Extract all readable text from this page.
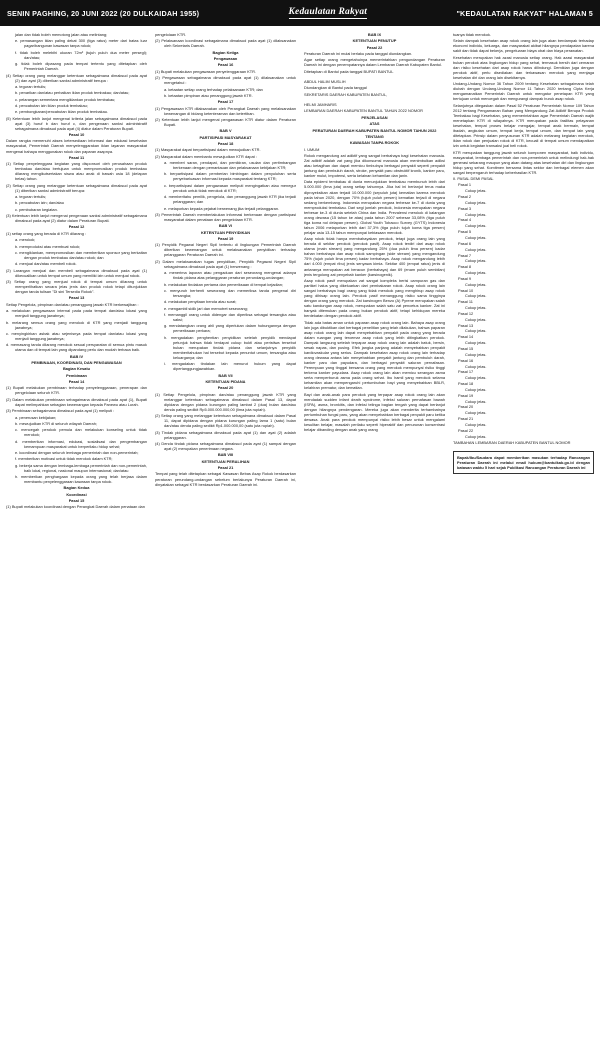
SENIN PAGHING, 20 JUNI 2022 (20 DULKAIDAH 1955)	Kedaulatan Rakyat	"KEDAULATAN RAKYAT" HALAMAN 5

jalan dan tidak boleh memotong jalan atau melintang;

e. pemasangan iklan paling dekat 300 (tiga ratus) meter dari batas luar pagar/bangunan kawasan tanpa rokok;

f. tidak boleh melebihi ukuran 72m² (tujuh puluh dua meter persegi); dan/atau;

g. tidak boleh dipasang pada tempat tertentu yang ditetapkan oleh Pemerintah Daerah.

(4) Setiap orang yang melanggar ketentuan sebagaimana dimaksud pada ayat (2) dan ayat (3) diberikan sanksi administratif berupa :

a. teguran tertulis;

b. penarikan dan/atau perbaikan iklan produk tembakau; dan/atau;

c. pelarangan sementara mengiklankan produk tembakau;

d. pencabutan izin iklan produk tembakau;

e. pembongkaran/pencabutan iklan produk tembakau.

(5) Ketentuan lebih lanjut mengenai kriteria jalan sebagaimana dimaksud pada ayat (3) huruf b dan huruf c, dan pengenaan sanksi administratif sebagaimana dimaksud pada ayat (4) diatur dalam Peraturan Bupati.

Pasal 10

Dalam rangka memenuhi akses ketersediaan informasi dan edukasi kesehatan masyarakat, Pemerintah Daerah menyelenggarakan iklan layanan masyarakat mengenai bahaya menggunakan rokok dan paparan asapnya.

Pasal 11

(1) Setiap penyelenggara kegiatan yang disponsori oleh perusahaan produk tembakau dan/atau bertujuan untuk mempromosikan produk tembakau dilarang mengikutsertakan siswa atau anak di bawah usia 18 (delapan belas) tahun.

(2) Setiap orang yang melanggar ketentuan sebagaimana dimaksud pada ayat (1) diberikan sanksi administratif berupa:

a. teguran tertulis;

b. pencabutan izin; dan/atau

c. pembubaran kegiatan.

(3) Ketentuan lebih lanjut mengenai pengenaan sanksi administratif sebagaimana dimaksud pada ayat (2) diatur dalam Peraturan Bupati.

Pasal 12

(1) setiap orang yang berada di KTR dilarang :

a. merokok;

b. memproduksi atau membuat rokok;

c. mengiklankan, mempromosikan dan memberikan sponsor yang berkaitan dengan produk tembakau dan/atau rokok; dan

d. menjual dan/atau membeli rokok.

(2) Larangan menjual dan membeli sebagaimana dimaksud pada ayat (1) dikecualikan untuk tempat umum yang memiliki izin untuk menjual rokok.

(3) Setiap orang yang menjual rokok di tempat umum dilarang untuk memperlihatkan secara jelas jenis dan produk rokok tetapi ditunjukkan dengan tanda tulisan "Di sini Tersedia Rokok".

Pasal 13

Setiap Pengelola, pimpinan dan/atau penanggung jawab KTR berkewajiban :

a. melakukan pengawasan internal pada pada tempat dan/atau lokasi yang menjadi tanggung jawabnya;

b. melarang semua orang yang merokok di KTR yang menjadi tanggung jawabnya;

c. menyingkirkan asbak atau sejenisnya pada tempat dan/atau lokasi yang menjadi tanggung jawabnya;

d. memasang tanda dilarang merokok sesuai persyaratan di semua pintu masuk utama dan di tempat lain yang dipandang perlu dan mudah terbaca baik.

BAB IV

PEMBINAAN, KOORDINASI, DAN PENGAWASAN

Bagian Kesatu

Pembinaan

Pasal 14

(1) Bupati melakukan pembinaan terhadap penyelenggaraan, penerapan dan pengelolaan seluruh KTR.

(2) Dalam melakukan pembinaan sebagaimana dimaksud pada ayat (1), Bupati dapat melimpahkan sebagian kewenangan kepada Panewu atau Lurah.

(3) Pembinaan sebagaimana dimaksud pada ayat (1) meliputi :

a. penerusan kebijakan;

b. mewujudkan KTR di seluruh wilayah Daerah;

c. mencegah perokok pemula dan melakukan konseling untuk tidak merokok;

d. memberikan informasi, edukasi, sosialisasi dan pengembangan kemampuan masyarakat untuk berperilaku hidup sehat;

e. koordinasi dengan seluruh lembaga pemerintah dan non-pemerintah;

f. memberikan motivasi untuk tidak merokok dalam KTR;

g. bekerja sama dengan lembaga-lembaga pemerintah dan non-pemerintah, baik lokal, regional, nasional maupun internasional; dan/atau

h. memberikan penghargaan kepada orang yang telah berjasa dalam membantu penyelenggaraan kawasan tanpa rokok.

Bagian Kedua

Koordinasi

Pasal 15

(1) Bupati melakukan koordinasi dengan Perangkat Daerah dalam penataan dan

pengelolaan KTR.

(2) Pelaksanaan koordinasi sebagaimana dimaksud pada ayat (1) dilaksanakan oleh Sekretaris Daerah.

Bagian Ketiga

Pengawasan

Pasal 16

(1) Bupati melakukan pengawasan penyelenggaraan KTR.

(2) Pengawasan sebagaimana dimaksud pada ayat (1) dilaksanakan untuk mengetahui :

a. ketaatan setiap orang terhadap pelaksanaan KTR; dan

b. ketaatan pimpinan atau penanggung jawab KTR.

Pasal 17

(1) Pengawasan KTR dilaksanakan oleh Perangkat Daerah yang melaksanakan kewenangan di bidang ketenteraman dan ketertiban.

(2) Ketentuan lebih lanjut mengenai pengawasan KTR diatur dalam Peraturan Bupati.

BAB V

PARTISIPASI MASYARAKAT

Pasal 18

(1) Masyarakat dapat berpartisipasi dalam mewujudkan KTR.

(2) Masyarakat dalam membantu mewujudkan KTR dapat :

a. memberi saran, pendapat, dan pemikiran, usulan dan pertimbangan berkenaan dengan pemantauan dan pelaksanaan kebijakan KTR;

b. berpartisipasi dalam pemberian bimbingan dalam penyuluhan serta penyebarluasan informasi kepada masyarakat tentang KTR;

c. berpartisipasi dalam pengawasan meliputi mengingatkan atau menegur perokok untuk tidak merokok di KTR;

d. memberitahu pemilik, pengelola, dan penanggung jawab KTR jika terjadi pelanggaran; dan

e. melaporkan kepada pejabat berwenang jika terjadi pelanggaran.

(3) Pemerintah Daerah memberlakukan informasi berkenaan dengan partisipasi masyarakat dalam penataan dan pengelolaan KTR.

BAB VI

KETENTUAN PENYIDIKAN

Pasal 19

(1) Penyidik Pegawai Negeri Sipil tertentu di lingkungan Pemerintah Daerah diberikan kewenangan untuk melaksanakan penyidikan terhadap pelanggaran Peraturan Daerah ini.

(2) Dalam melaksanakan tugas penyidikan, Penyidik Pegawai Negeri Sipil sebagaimana dimaksud pada ayat (1) berwenang :

a. menerima laporan atau pengaduan dari seseorang mengenai adanya tindak pidana atas pelanggaran peraturan perundang-undangan;

b. melakukan tindakan pertama dan pemeriksaan di tempat kejadian;

c. menyuruh berhenti seseorang dan memeriksa tanda pengenal diri tersangka;

d. melakukan penyitaan benda atau surat;

e. mengambil sidik jari dan memotret seseorang;

f. memanggil orang untuk didengar dan diperiksa sebagai tersangka atau saksi;

g. mendatangkan orang ahli yang diperlukan dalam hubungannya dengan pemeriksaan perkara;

h. mengadakan penghentian penyidikan setelah penyidik mendapat petunjuk bahwa tidak terdapat cukup bukti atau peristiwa tersebut bukan merupakan tindak pidana dan selanjutnya penyidik memberitahukan hal tersebut kepada penuntut umum, tersangka atau keluarganya; dan

i. mengadakan tindakan lain menurut hukum yang dapat dipertanggungjawabkan.

BAB VII

KETENTUAN PIDANA

Pasal 20

(1) Setiap Pengelola, pimpinan dan/atau penanggung jawab KTR yang melanggar ketentuan sebagaimana dimaksud dalam Pasal 13, dapat dipidana dengan pidana kurungan paling lambat 2 (dua) bulan dan/atau denda paling sedikit Rp5.000.000.000,00 (lima juta rupiah).

(2) Setiap orang yang melanggar ketentuan sebagaimana dimaksud dalam Pasal 11, dapat dipidana dengan pidana kurungan paling lama 1 (satu) bulan dan/atau denda paling sedikit Rp1.000.000,00 (satu juta rupiah).

(3) Tindak pidana sebagaimana dimaksud pada ayat (1) dan ayat (2) adalah pelanggaran.

(4) Denda tindak pidana sebagaimana dimaksud pada ayat (1) sampai dengan ayat (2) merupakan penerimaan negara.

BAB VIII

KETENTUAN PERALIHAN

Pasal 21

Tempat yang telah ditetapkan sebagai Kawasan Bebas Asap Rokok berdasarkan peraturan perundang-undangan sebelum berlakunya Peraturan Daerah ini, dinyatakan sebagai KTR berdasarkan Peraturan Daerah ini.

BAB IX

KETENTUAN PENUTUP

Pasal 22

Peraturan Daerah ini mulai berlaku pada tanggal diundangkan.

Agar setiap orang mengetahuinya memerintahkan pengundangan Peraturan Daerah ini dengan penempatannya dalam Lembaran Daerah Kabupaten Bantul.

Ditetapkan di Bantul pada tanggal BUPATI BANTUL

ABDUL HALIM MUSLIH

Diundangkan di Bantul pada tanggal

SEKRETARIS DAERAH KABUPATEN BANTUL,

HELMI JAMHARIS

LEMBARAN DAERAH KABUPATEN BANTUL TAHUN 2022 NOMOR

PENJELASAN

ATAS

PERATURAN DAERAH KABUPATEN BANTUL NOMOR TAHUN 2022

TENTANG

KAWASAN TANPA ROKOK

I. UMUM

Rokok mengandung zat adiktif yang sangat berbahaya bagi kesehatan manusia. Zat adiktif adalah zat yang jika dikonsumsi manusia akan menimbulkan adiksi atau ketagihan dan dapat memicu timbulnya berbagai penyakit seperti penyakit jantung dan pembuluh darah, stroke, penyakit paru obstruktif kronik, kanker paru, kanker mulut, impotensi, serta kelainan kehamilan dan janin.

Data epidemi tembakau di dunia menunjukkan tembakau membunuh lebih dari 5.000.000 (lima juta) orang setiap tahunnya. Jika hal ini berlanjut terus maka diproyeksikan akan terjadi 10.000.000 (sepuluh juta) kematian karena merokok pada tahun 2020, dengan 70% (tujuh puluh persen) kematian terjadi di negara sedang berkembang. Indonesia merupakan negara terbesar ke-7 di dunia yang memproduksi tembakau. Dari segi jumlah perokok, Indonesia merupakan negara terbesar ke-3 di dunia setelah China dan India. Prevalensi merokok di kalangan orang dewasa (15 tahun ke atas) pada tahun 2007 sebesar 33,08% (tiga puluh tiga koma nol delapan persen). Global Youth Tobacco Survey (GYTS) Indonesia tahun 2006 melaporkan lebih dari 37,3% (tiga puluh tujuh koma tiga persen) pelajar usia 13-15 tahun mempunyai kebiasaan merokok.

Asap rokok tidak hanya membahayakan perokok, tetapi juga orang lain yang berada di sekitar perokok (perokok pasif). Asap rokok terdiri dari asap rokok utama (main stream) yang mengandung 25% (dua puluh lima persen) kadar bahan berbahaya dan asap rokok sampingan (side stream) yang mengandung 75% (tujuh puluh lima persen) kadar berbahaya. Asap rokok mengandung lebih dari 4.000 (empat ribu) jenis senyawa kimia. Sekitar 400 (empat ratus) jenis di antaranya merupakan zat beracun (berbahaya) dan 69 (enam puluh sembilan) jenis tergolong zat penyebab kanker (karsinogenik).

Asap rokok pasif merupakan zat sangat kompleks berisi campuran gas dan partikel halus yang dikeluarkan dari pembakaran rokok. Asap rokok orang lain sangat berbahaya bagi orang yang tidak merokok yang menghirup asap rokok yang dihisap orang lain. Perokok pasif menanggung risiko sama tingginya dengan orang yang merokok. Zat karsinogen Benzo (A) Pyrene merupakan salah satu kandungan asap rokok, merupakan salah satu zat pencetus kanker. Zat ini banyak ditemukan pada orang bukan perokok aktif, tetapi kehidupan mereka berdekatan dengan perokok aktif.

Tidak ada batas aman untuk paparan asap rokok orang lain. Bahaya asap orang lain juga dibuktikan dari berbagai penelitian yang telah dilakukan, bahwa paparan asap rokok orang lain dapat menyebabkan penyakit pada orang yang berada dalam ruangan yang tercemar asap rokok yang lebih ditingkatkan perokok. Dampak langsung setelah terpapar asap rokok orang lain adalah batuk, bersin, sesak napas, dan pusing. Efek jangka panjang adalah menyebabkan penyakit kardiovaskular yang serius. Dampak kesehatan asap rokok orang lain terhadap orang dewasa antara lain menyebabkan penyakit jantung dan pembuluh darah, kanker paru dan payudara, dan berbagai penyakit saluran pernafasan. Perempuan yang tinggal bersama orang yang merokok mempunyai risiko tinggi terkena kanker payudara. Asap rokok orang lain akan memicu serangan asma serta memperburuk asma pada orang sehat. Ibu hamil yang merokok selama kehamilan akan mempengaruhi pertumbuhan bayi yang menyebabkan BBLR, kelahiran prematur, dan kematian.

Bayi dan anak-anak para perokok yang terpapar asap rokok orang lain akan mendadak sudden infant death syndrome, infeksi saluran pernafasan bawah (ISPA), asma, bronkitis, dan infeksi telinga bagian tengah yang dapat berlanjut dengan hilangnya pendengaran. Mereka juga akan menderita terhambatnya pertumbuhan fungsi paru, yang akan menyebabkan berbagai penyakit paru ketika dewasa. Anak para perokok mempunyai risiko lebih besar untuk mengalami kesulitan belajar, masalah perilaku seperti hiperaktif dan penurunan konsentrasi belajar dibanding dengan anak yang orang

tuanya tidak merokok.

Selain dampak kesehatan asap rokok orang lain juga akan berdampak terhadap ekonomi individu, keluarga, dan masyarakat akibat hilangnya pendapatan karena sakit dan tidak dapat bekerja, pengeluaran biaya obat dan biaya perawatan.

Kesehatan merupakan hak azasi manusia setiap orang. Hak azasi masyarakat bukan perokok atas lingkungan hidup yang sehat, termasuk bersih dari cemaran dan risiko kesehatan dari asap rokok harus dilindungi. Demikian juga dengan perokok aktif, perlu disediakan dan terkawasan merokok yang menjaga kesehatan diri dan orang lain disekitarnya.

Undang-Undang Nomor 36 Tahun 2009 tentang Kesehatan sebagaimana telah diubah dengan Undang-Undang Nomor 11 Tahun 2020 tentang Cipta Kerja mengamanatkan Pemerintah Daerah untuk mengatur penetapan KTR yang bertujuan untuk mencegah dan mengurangi dampak buruk asap rokok.

Selanjutnya ditegaskan dalam Pasal 52 Peraturan Pemerintah Nomor 109 Tahun 2012 tentang Pengamanan Bahan yang Mengandung Zat Adiktif Berupa Produk Tembakau bagi Kesehatan, yang memerintahkan agar Pemerintah Daerah wajib menetapkan KTR di wilayahnya. KTR merupakan pada fasilitas pelayanan kesehatan, tempat proses belajar mengajar, tempat anak bermain, tempat ibadah, angkutan umum, tempat kerja, tempat umum, dan tempat lain yang ditetapkan. Prinsip dalam penyusunan KTR adalah melarang kegiatan merokok, iklan rokok dan penjualan rokok di KTR, kecuali di tempat umum mendapatkan izin untuk kegiatan transaksi jual beli rokok.

KTR merupakan tanggung jawab seluruh komponen masyarakat, baik individu, masyarakat, lembaga pemerintah dan non-pemerintah untuk melindungi hak-hak generasi sekarang maupun yang akan datang atas kesehatan diri dan lingkungan hidup yang sehat. Komitmen bersama lintas sektor dan berbagai elemen akan sangat berpengaruh terhadap keberhasilan KTR.

II. PASAL DEMI PASAL

Pasal 1
Cukup jelas.
Pasal 2
Cukup jelas.
Pasal 3
Cukup jelas.
Pasal 4
Cukup jelas.
Pasal 5
Cukup jelas.
Pasal 6
Cukup jelas.
Pasal 7
Cukup jelas.
Pasal 8
Cukup jelas.
Pasal 9
Cukup jelas.
Pasal 10
Cukup jelas.
Pasal 11
Cukup jelas.
Pasal 12
Cukup jelas.
Pasal 13
Cukup jelas.
Pasal 14
Cukup jelas.
Pasal 15
Cukup jelas.
Pasal 16
Cukup jelas.
Pasal 17
Cukup jelas.
Pasal 18
Cukup jelas.
Pasal 19
Cukup jelas.
Pasal 20
Cukup jelas.
Pasal 21
Cukup jelas.
Pasal 22
Cukup jelas.

TAMBAHAN LEMBARAN DAERAH KABUPATEN BANTUL NOMOR

Bapak/Ibu/Saudara dapat memberikan masukan terhadap Rancangan Peraturan Daerah ini melalui email hukum@bantulkab.go.id dengan batasan waktu 5 hari sejak Publikasi Rancangan Peraturan Daerah ini
